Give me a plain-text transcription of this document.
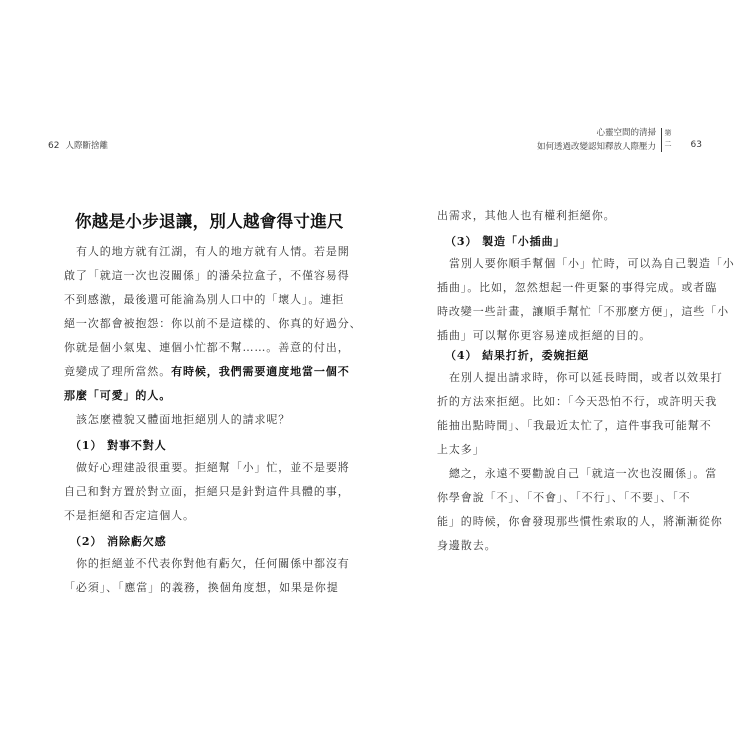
62 人際斷捨離
你越是小步退讓，別人越會得寸進尺
有人的地方就有江湖，有人的地方就有人情。若是開
啟了「就這一次也沒關係」的潘朵拉盒子，不僅容易得
不到感激，最後還可能淪為別人口中的「壞人」。連拒
絕一次都會被抱怨：你以前不是這樣的、你真的好過分、
你就是個小氣鬼、連個小忙都不幫……。善意的付出，
竟變成了理所當然。有時候，我們需要適度地當一個不
那麼「可愛」的人。
該怎麼禮貌又體面地拒絕別人的請求呢？
（1） 對事不對人
做好心理建設很重要。拒絕幫「小」忙，並不是要將
自己和對方置於對立面，拒絕只是針對這件具體的事，
不是拒絕和否定這個人。
（2） 消除虧欠感
你的拒絕並不代表你對他有虧欠，任何關係中都沒有
「必須」、「應當」的義務，換個角度想，如果是你提
心靈空間的清掃
如何透過改變認知釋放人際壓力
第
二 63
出需求，其他人也有權利拒絕你。
（3） 製造「小插曲」
當別人要你順手幫個「小」忙時，可以為自己製造「小
插曲」。比如，忽然想起一件更緊的事得完成。或者臨
時改變一些計畫，讓順手幫忙「不那麼方便」，這些「小
插曲」可以幫你更容易達成拒絕的目的。
（4） 結果打折，委婉拒絕
在別人提出請求時，你可以延長時間，或者以效果打
折的方法來拒絕。比如：「今天恐怕不行，或許明天我
能抽出點時間」、「我最近太忙了，這件事我可能幫不
上太多」
總之，永遠不要勸說自己「就這一次也沒關係」。當
你學會說「不」、「不會」、「不行」、「不要」、「不
能」的時候，你會發現那些慣性索取的人，將漸漸從你
身邊散去。
